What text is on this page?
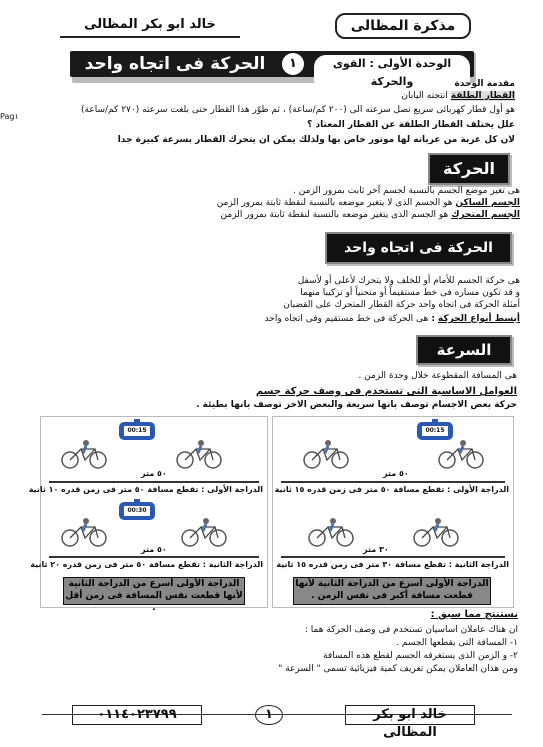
مذكرة المظالى
خالد ابو بكر المظالى
الوحدة الأولى : القوى والحركة
١
الحركة فى اتجاه واحد
Pag١
مقدمة الوحدة
القطار الطلقة انتجته اليابان
هو أول قطار كهربائى سريع تصل سرعته الى (٢٠٠ كم/ساعة) ، ثم طوّر هذا القطار حتى بلغت سرعته (٢٧٠ كم/ساعة)
علل يختلف القطار الطلقة عن القطار المعتاد ؟
لان كل عربة من عرباته لها موتور خاص بها ولذلك يمكن ان يتحرك القطار بسرعة كبيرة جدا
الحركة
هى تغير موضع الجسم بالنسبة لجسم آخر ثابت بمرور الزمن .
الجسم الساكن هو الجسم الذى لا يتغير موضعه بالنسبة لنقطة ثابتة بمرور الزمن
الجسم المتحرك هو الجسم الذى يتغير موضعه بالنسبة لنقطة ثابتة بمرور الزمن
الحركة فى اتجاه واحد
هى حركة الجسم للأمام أو للخلف ولا يتحرك لأعلى أو لأسفل
و قد تكون مساره فى خط مستقيماً أو منحنياً أو تركيبا منهما
أمثلة الحركة فى اتجاه واحد حركة القطار المتحرك على القضبان
أبسط أنواع الحركة : هى الحركة فى خط مستقيم وفى اتجاه واحد
السرعة
هى المسافة المقطوعة خلال وحدة الزمن .
العوامل الاساسية التى تستخدم فى وصف حركة جسم
حركة بعض الاجسام توصف بانها سريعة والبعض الاخر توصف بانها بطيئة .
00:15
٥٠ متر
الدراجة الأولى : تقطع مسافة ٥٠ متر فى زمن قدره ١٠ ثانية
00:30
٥٠ متر
الدراجة الثانية : تقطع مسافة ٥٠ متر فى زمن قدره ٢٠ ثانية
الدراجة الأولى أسرع من الدراجة الثانية لأنها قطعت نفس المسافة فى زمن أقل .
00:15
٥٠ متر
الدراجة الأولى : تقطع مسافة ٥٠ متر فى زمن قدره ١٥ ثانية
٣٠ متر
الدراجة الثانية : تقطع مسافة ٣٠ متر فى زمن قدره ١٥ ثانية
الدراجة الأولى أسرع من الدراجة الثانية لأنها قطعت مسافة أكبر فى نفس الزمن .
نستنتج مما سبق :
ان هناك عاملان اساسيان تستخدم فى وصف الحركة هما :
١- المسافة التى يقطعها الجسم .
٢- و الزمن الذى يستغرقه الجسم لقطع هذه المسافة
ومن هذان العاملان يمكن تعريف كمية فيزيائية تسمى " السرعة "
خالد ابو بكر المظالى
١
٠١١٤٠٢٣٧٩٩
